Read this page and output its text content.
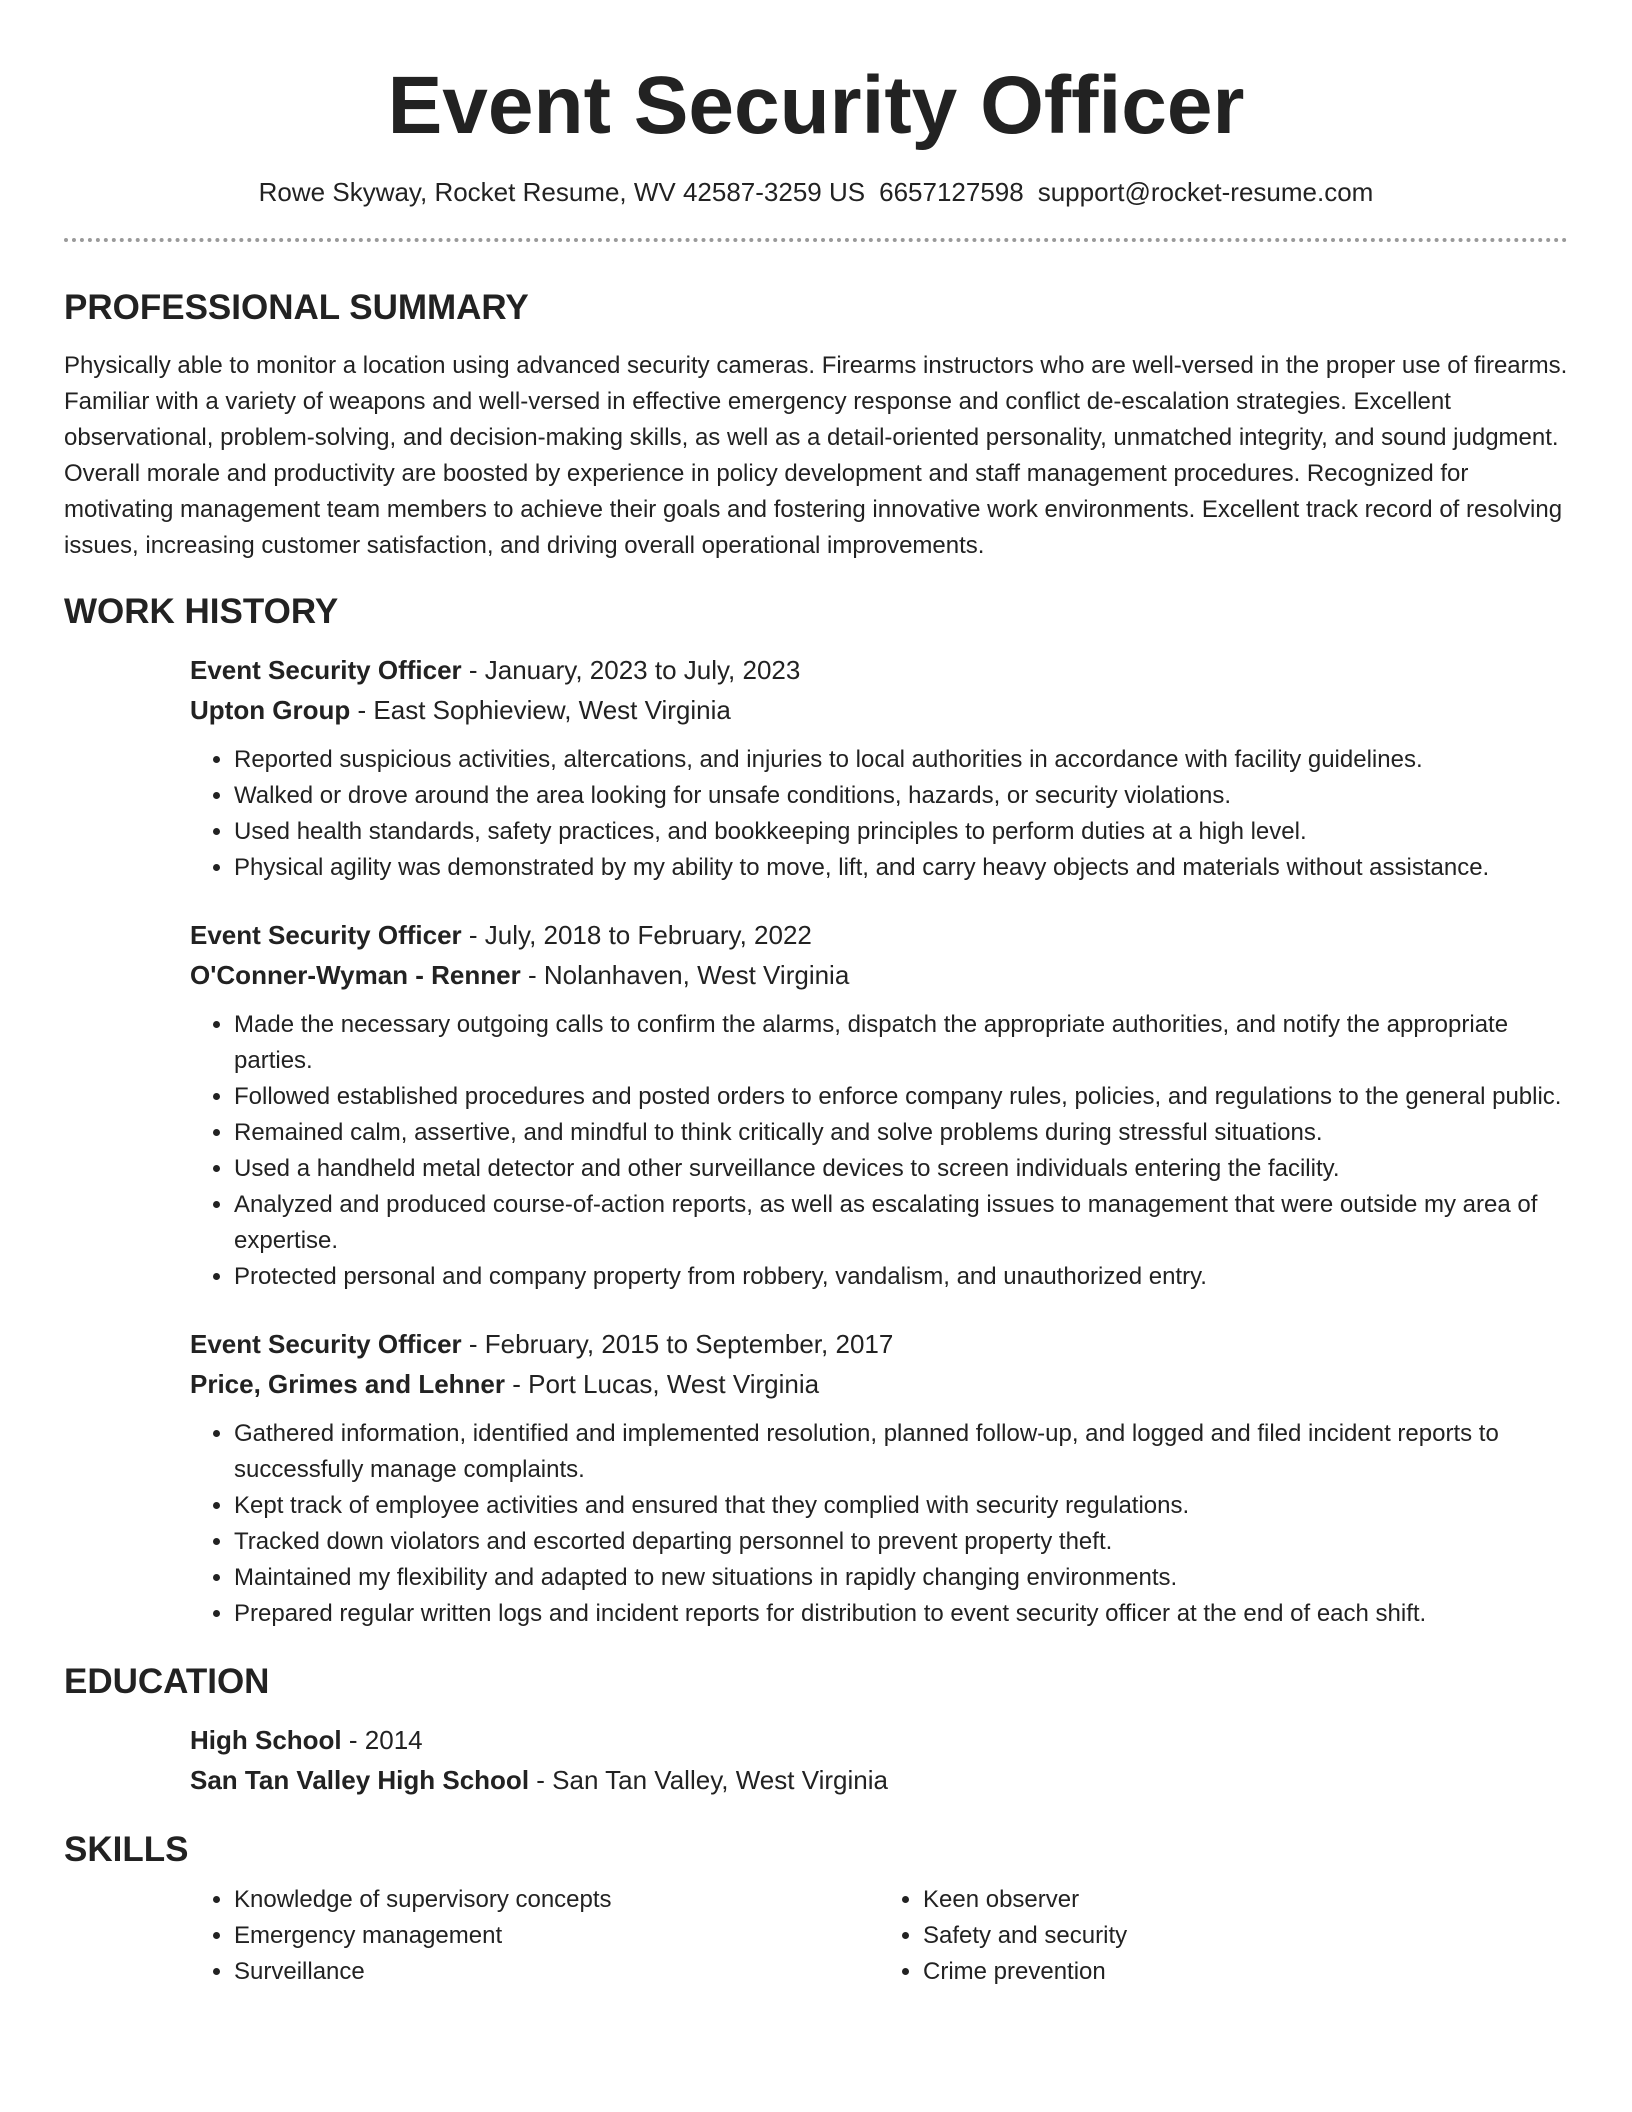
Event Security Officer
Rowe Skyway, Rocket Resume, WV 42587-3259 US 6657127598 support@rocket-resume.com
PROFESSIONAL SUMMARY

Physically able to monitor a location using advanced security cameras. Firearms instructors who are well-versed in the proper use of firearms. Familiar with a variety of weapons and well-versed in effective emergency response and conflict de-escalation strategies. Excellent observational, problem-solving, and decision-making skills, as well as a detail-oriented personality, unmatched integrity, and sound judgment. Overall morale and productivity are boosted by experience in policy development and staff management procedures. Recognized for motivating management team members to achieve their goals and fostering innovative work environments. Excellent track record of resolving issues, increasing customer satisfaction, and driving overall operational improvements.

WORK HISTORY

Event Security Officer - January, 2023 to July, 2023

Upton Group - East Sophieview, West Virginia

• Reported suspicious activities, altercations, and injuries to local authorities in accordance with facility guidelines.
• Walked or drove around the area looking for unsafe conditions, hazards, or security violations.
• Used health standards, safety practices, and bookkeeping principles to perform duties at a high level.
• Physical agility was demonstrated by my ability to move, lift, and carry heavy objects and materials without assistance.

Event Security Officer - July, 2018 to February, 2022

O'Conner-Wyman - Renner - Nolanhaven, West Virginia

• Made the necessary outgoing calls to confirm the alarms, dispatch the appropriate authorities, and notify the appropriate parties.
• Followed established procedures and posted orders to enforce company rules, policies, and regulations to the general public.
• Remained calm, assertive, and mindful to think critically and solve problems during stressful situations.
• Used a handheld metal detector and other surveillance devices to screen individuals entering the facility.
• Analyzed and produced course-of-action reports, as well as escalating issues to management that were outside my area of expertise.
• Protected personal and company property from robbery, vandalism, and unauthorized entry.

Event Security Officer - February, 2015 to September, 2017

Price, Grimes and Lehner - Port Lucas, West Virginia

• Gathered information, identified and implemented resolution, planned follow-up, and logged and filed incident reports to successfully manage complaints.
• Kept track of employee activities and ensured that they complied with security regulations.
• Tracked down violators and escorted departing personnel to prevent property theft.
• Maintained my flexibility and adapted to new situations in rapidly changing environments.
• Prepared regular written logs and incident reports for distribution to event security officer at the end of each shift.
EDUCATION

High School - 2014

San Tan Valley High School - San Tan Valley, West Virginia

SKILLS
• Knowledge of supervisory concepts
• Emergency management
• Surveillance
• Keen observer
• Safety and security
• Crime prevention
